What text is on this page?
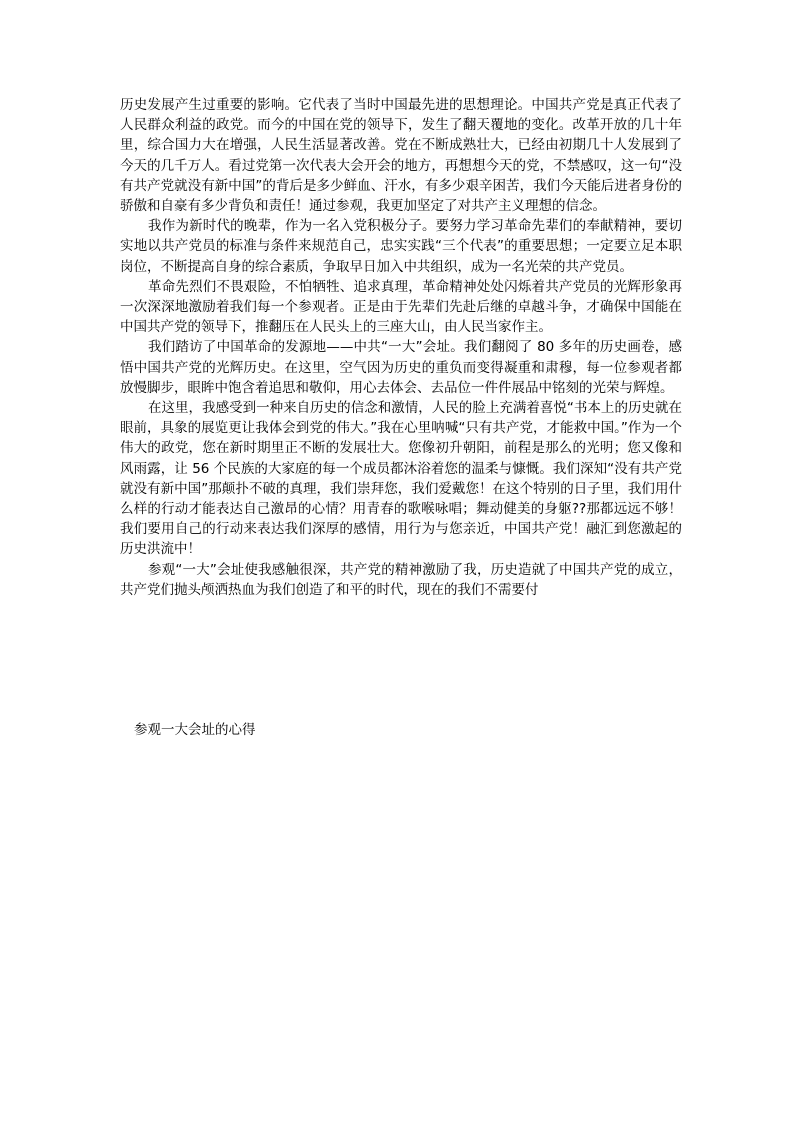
历史发展产生过重要的影响。它代表了当时中国最先进的思想理论。中国共产党是真正代表了人民群众利益的政党。而今的中国在党的领导下，发生了翻天覆地的变化。改革开放的几十年里，综合国力大在增强，人民生活显著改善。党在不断成熟壮大，已经由初期几十人发展到了今天的几千万人。看过党第一次代表大会开会的地方，再想想今天的党，不禁感叹，这一句“没有共产党就没有新中国”的背后是多少鲜血、汗水，有多少艰辛困苦，我们今天能后进者身份的骄傲和自豪有多少背负和责任！通过参观，我更加坚定了对共产主义理想的信念。

我作为新时代的晚辈，作为一名入党积极分子。要努力学习革命先辈们的奉献精神，要切实地以共产党员的标准与条件来规范自己，忠实实践“三个代表”的重要思想；一定要立足本职岗位，不断提高自身的综合素质，争取早日加入中共组织，成为一名光荣的共产党员。

革命先烈们不畏艰险，不怕牺牲、追求真理，革命精神处处闪烁着共产党员的光辉形象再一次深深地激励着我们每一个参观者。正是由于先辈们先赴后继的卓越斗争，才确保中国能在中国共产党的领导下，推翻压在人民头上的三座大山，由人民当家作主。

我们踏访了中国革命的发源地——中共“一大”会址。我们翻阅了 80 多年的历史画卷，感悟中国共产党的光辉历史。在这里，空气因为历史的重负而变得凝重和肃穆，每一位参观者都放慢脚步，眼眸中饱含着追思和敬仰，用心去体会、去品位一件件展品中铭刻的光荣与辉煌。

在这里，我感受到一种来自历史的信念和激情，人民的脸上充满着喜悦“书本上的历史就在眼前，具象的展览更让我体会到党的伟大。”我在心里呐喊“只有共产党，才能救中国。”作为一个伟大的政党，您在新时期里正不断的发展壮大。您像初升朝阳，前程是那么的光明；您又像和风雨露，让 56 个民族的大家庭的每一个成员都沐浴着您的温柔与慷慨。我们深知“没有共产党就没有新中国”那颠扑不破的真理，我们崇拜您，我们爱戴您！在这个特别的日子里，我们用什么样的行动才能表达自己激昂的心情？用青春的歌喉咏唱；舞动健美的身躯??那都远远不够！我们要用自己的行动来表达我们深厚的感情，用行为与您亲近，中国共产党！融汇到您激起的历史洪流中！

参观“一大”会址使我感触很深，共产党的精神激励了我，历史造就了中国共产党的成立，共产党们抛头颅洒热血为我们创造了和平的时代，现在的我们不需要付

参观一大会址的心得
